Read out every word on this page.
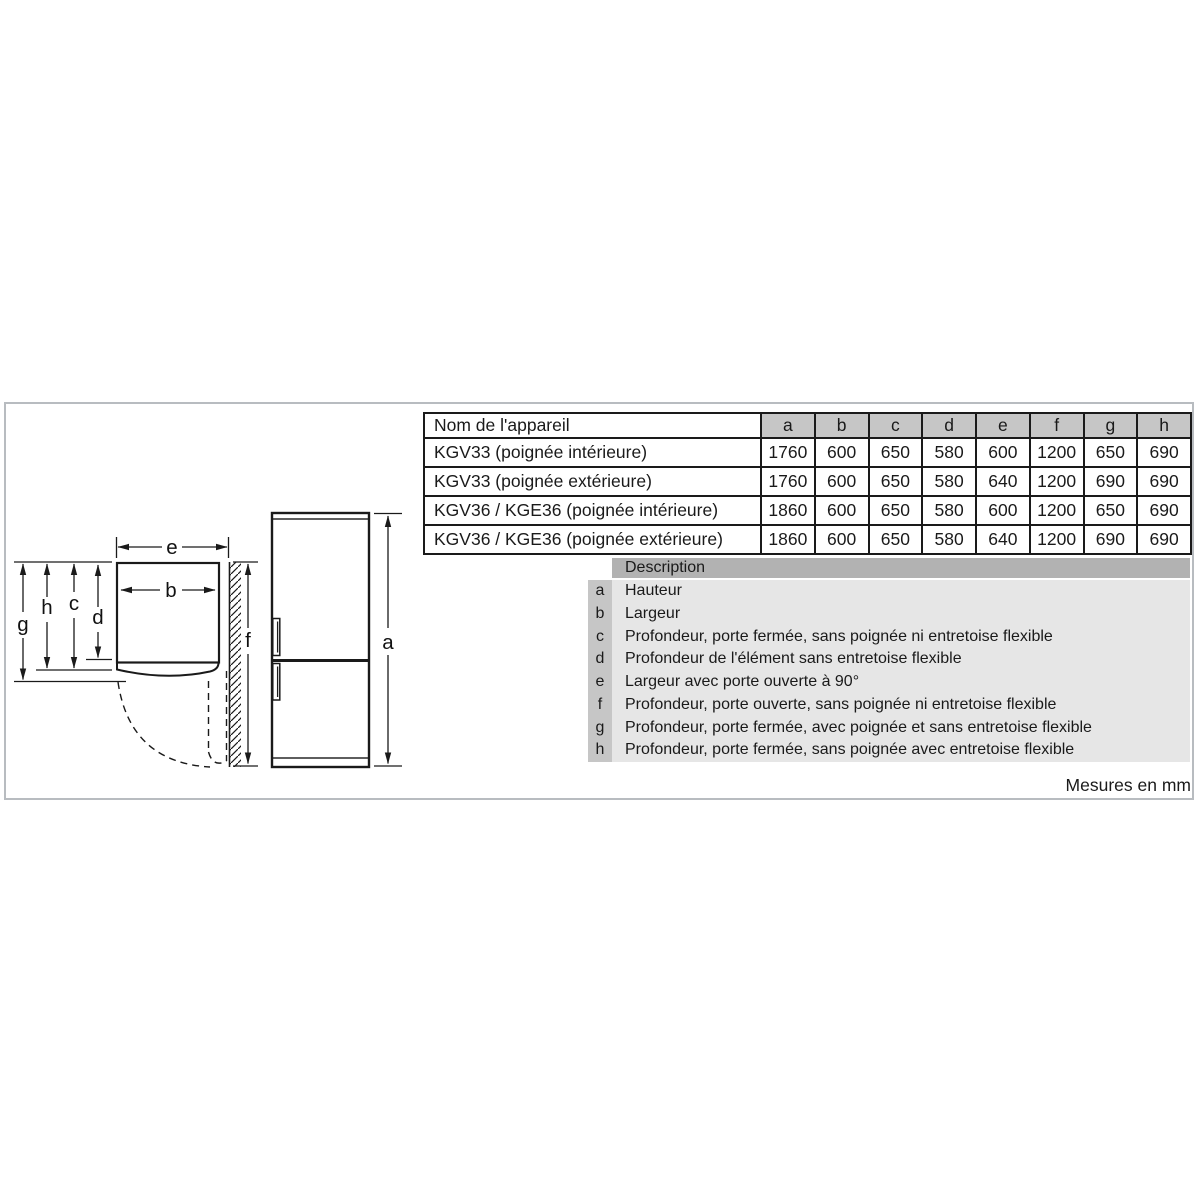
e
b
g
h c
d
f	a
Nom de l'appareil	a	b	c	d	e	f	g	h
KGV33 (poignée intérieure)	1760	600	650	580	600	1200	650	690
KGV33 (poignée extérieure)	1760	600	650	580	640	1200	690	690
KGV36 / KGE36 (poignée intérieure)	1860	600	650	580	600	1200	650	690
KGV36 / KGE36 (poignée extérieure)	1860	600	650	580	640	1200	690	690
Description
a	Hauteur
b	Largeur
c	Profondeur, porte fermée, sans poignée ni entretoise flexible
d	Profondeur de l'élément sans entretoise flexible
e	Largeur avec porte ouverte à 90°
f	Profondeur, porte ouverte, sans poignée ni entretoise flexible
g	Profondeur, porte fermée, avec poignée et sans entretoise flexible
h	Profondeur, porte fermée, sans poignée avec entretoise flexible
Mesures en mm
